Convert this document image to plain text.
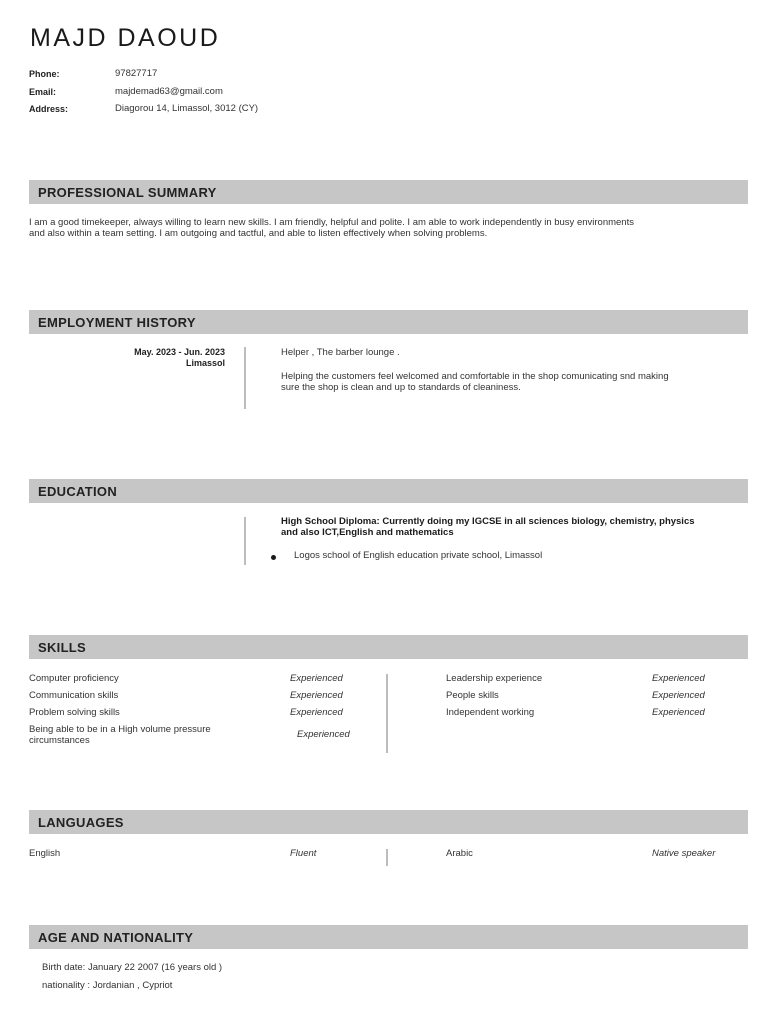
MAJD DAOUD
Phone:	97827717
Email:	majdemad63@gmail.com
Address:	Diagorou 14, Limassol, 3012 (CY)
PROFESSIONAL SUMMARY
I am a good timekeeper, always willing to learn new skills. I am friendly, helpful and polite. I am able to work independently in busy environments
and also within a team setting. I am outgoing and tactful, and able to listen effectively when solving problems.
EMPLOYMENT HISTORY
May. 2023 - Jun. 2023
Limassol
Helper , The barber lounge .
Helping the customers feel welcomed and comfortable in the shop comunicating snd making
sure the shop is clean and up to standards of cleaniness.
EDUCATION
High School Diploma: Currently doing my IGCSE in all sciences biology, chemistry, physics
and also ICT,English and mathematics
Logos school of English education private school, Limassol
SKILLS
Computer proficiency	Experienced
Communication skills	Experienced
Problem solving skills	Experienced
Being able to be in a High volume pressure
circumstances
Experienced
Leadership experience	Experienced
People skills	Experienced
Independent working	Experienced
LANGUAGES
English	Fluent	Arabic	Native speaker
AGE AND NATIONALITY
Birth date: January 22 2007 (16 years old )
nationality : Jordanian , Cypriot
